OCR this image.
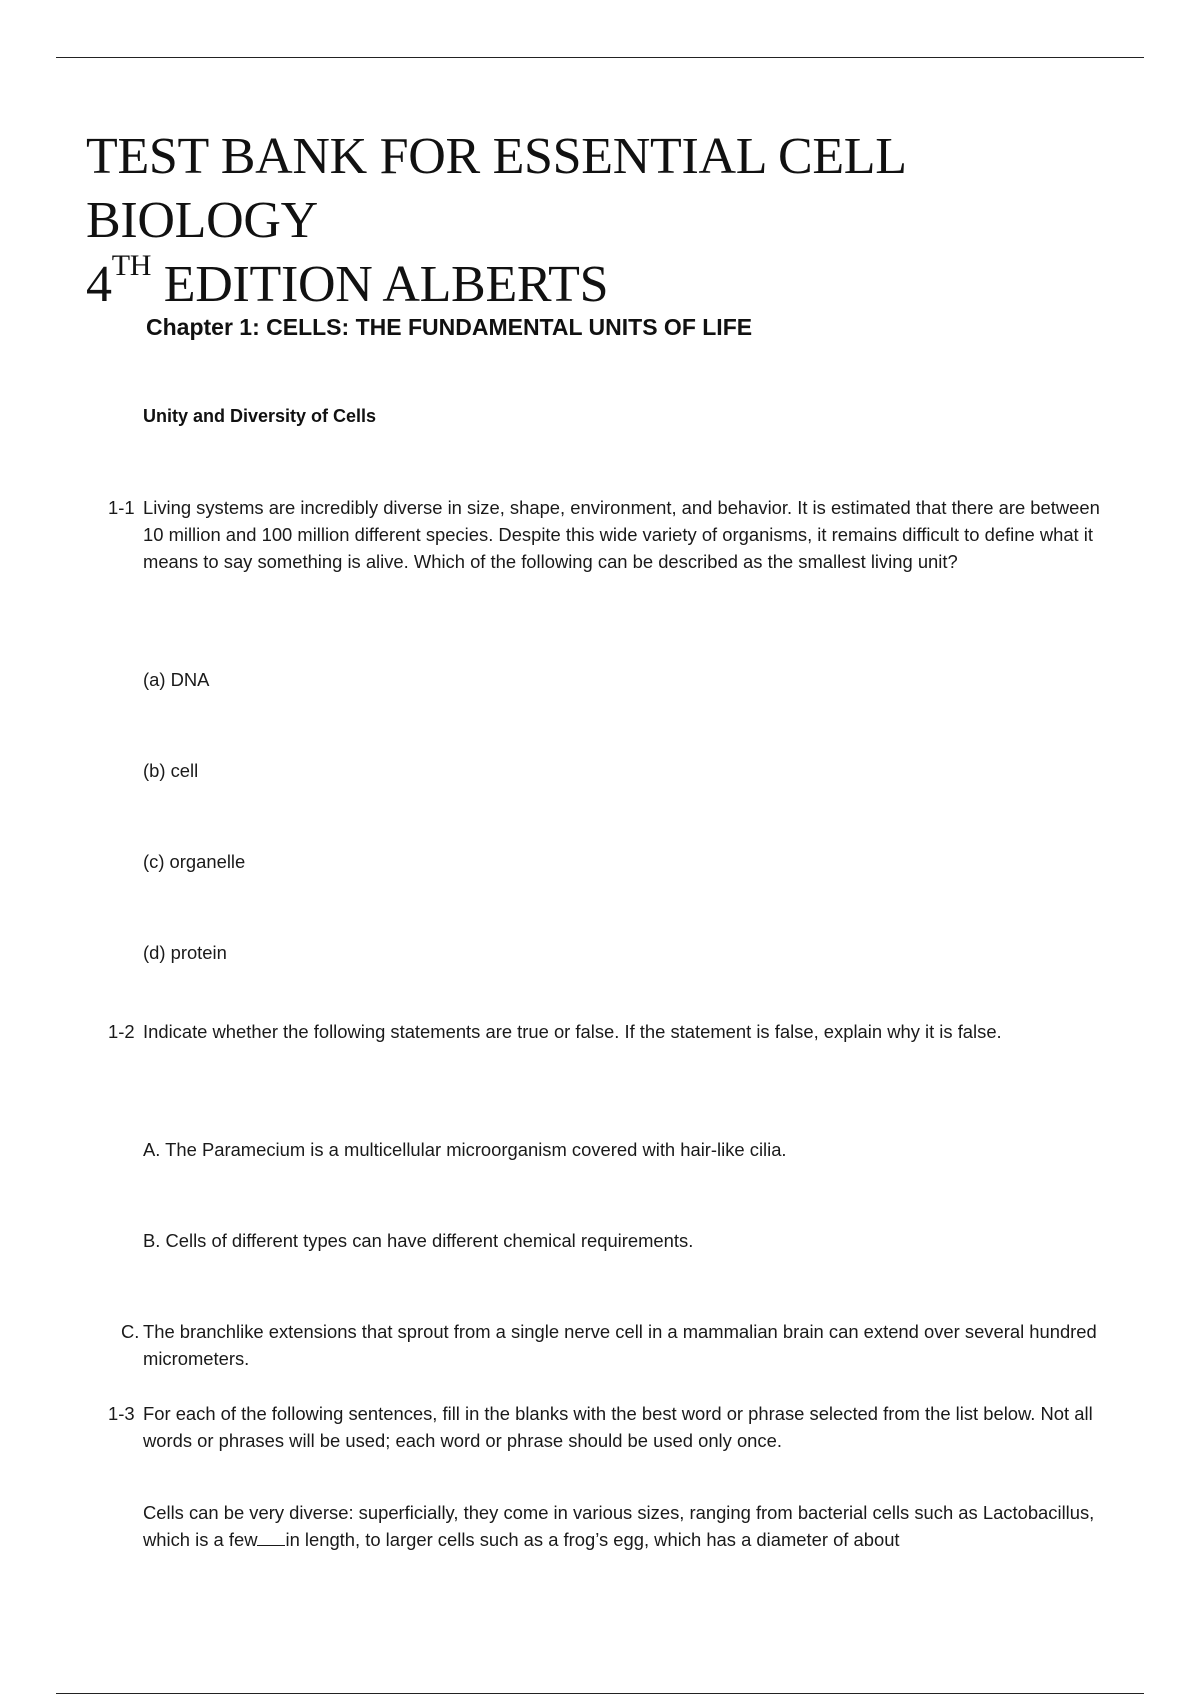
TEST BANK FOR ESSENTIAL CELL BIOLOGY
4TH EDITION ALBERTS
Chapter 1: CELLS: THE FUNDAMENTAL UNITS OF LIFE
Unity and Diversity of Cells
1-1 Living systems are incredibly diverse in size, shape, environment, and behavior. It is estimated that there are between 10 million and 100 million different species. Despite this wide variety of organisms, it remains difficult to define what it means to say something is alive. Which of the following can be described as the smallest living unit?
(a) DNA
(b) cell
(c) organelle
(d) protein
1-2 Indicate whether the following statements are true or false. If the statement is false, explain why it is false.
A. The Paramecium is a multicellular microorganism covered with hair-like cilia.
B. Cells of different types can have different chemical requirements.
C. The branchlike extensions that sprout from a single nerve cell in a mammalian brain can extend over several hundred micrometers.
1-3 For each of the following sentences, fill in the blanks with the best word or phrase selected from the list below. Not all words or phrases will be used; each word or phrase should be used only once.
Cells can be very diverse: superficially, they come in various sizes, ranging from bacterial cells such as Lactobacillus, which is a few in length, to larger cells such as a frog’s egg, which has a diameter of about
